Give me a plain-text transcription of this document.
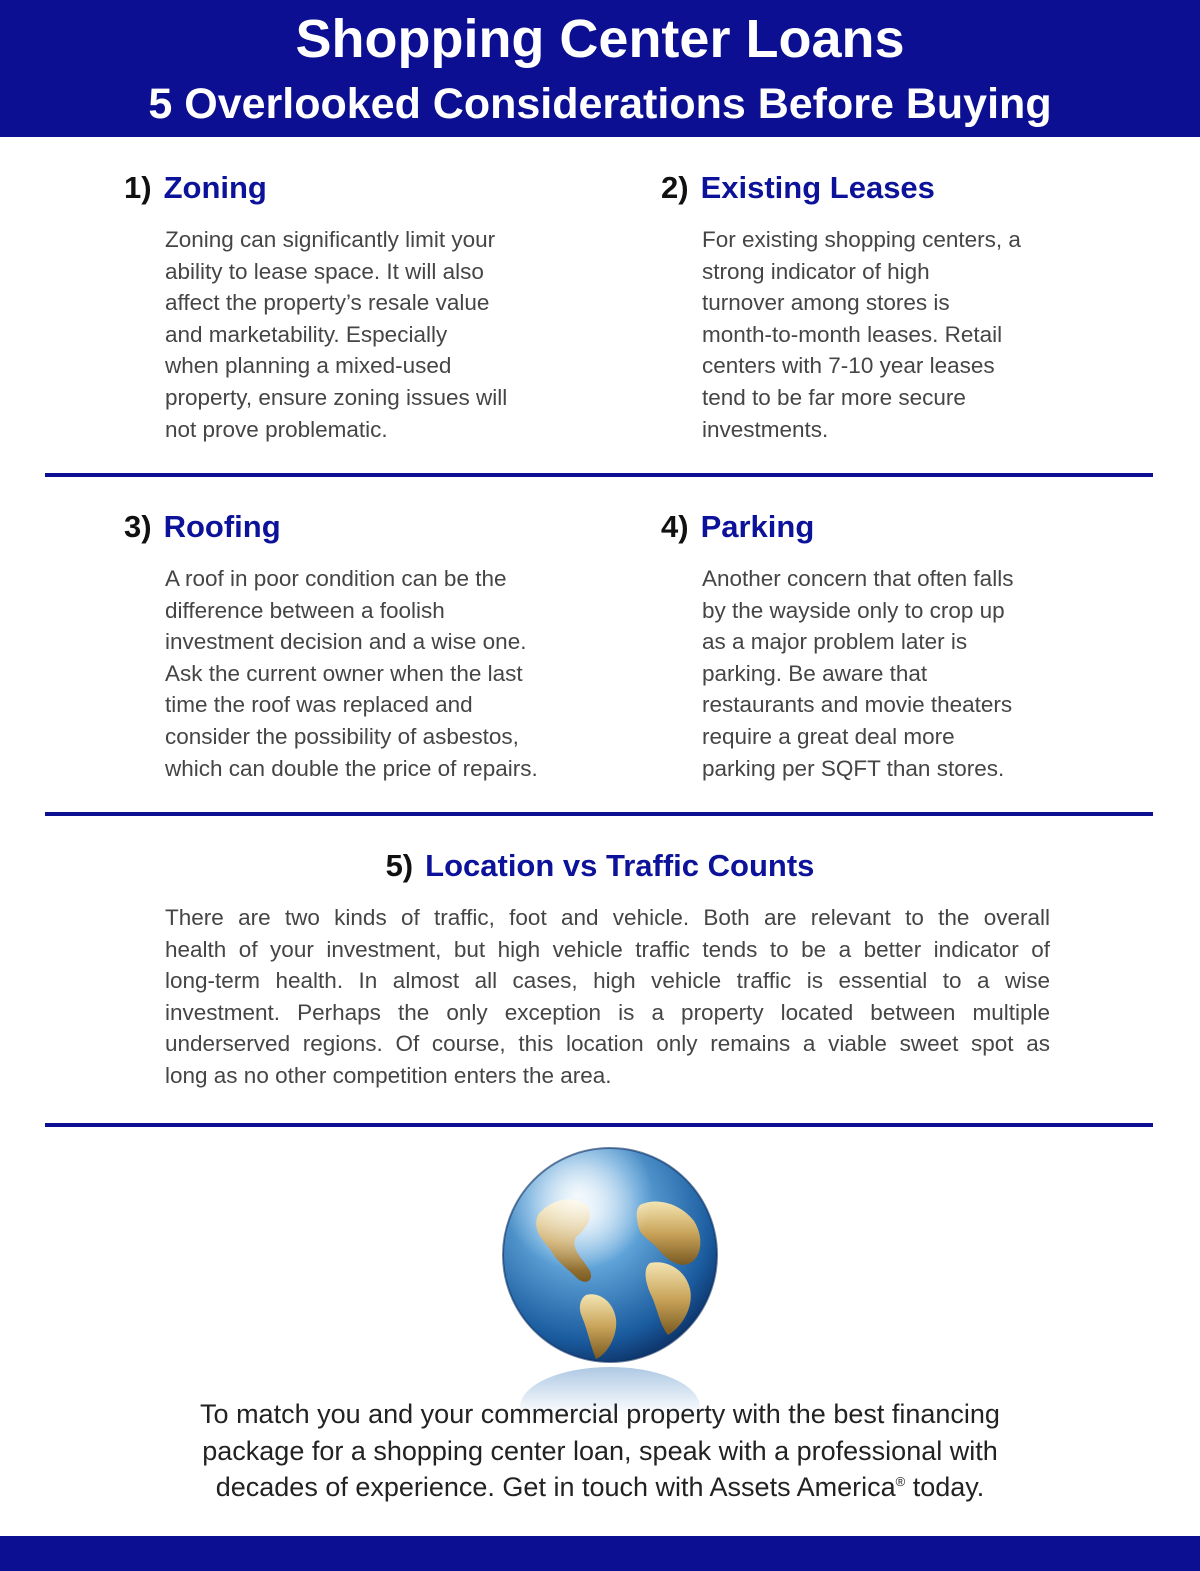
Shopping Center Loans
5 Overlooked Considerations Before Buying
1) Zoning
Zoning can significantly limit your
ability to lease space. It will also
affect the property’s resale value
and marketability. Especially
when planning a mixed-used
property, ensure zoning issues will
not prove problematic.
2) Existing Leases
For existing shopping centers, a
strong indicator of high
turnover among stores is
month-to-month leases. Retail
centers with 7-10 year leases
tend to be far more secure
investments.
3) Roofing
A roof in poor condition can be the
difference between a foolish
investment decision and a wise one.
Ask the current owner when the last
time the roof was replaced and
consider the possibility of asbestos,
which can double the price of repairs.
4) Parking
Another concern that often falls
by the wayside only to crop up
as a major problem later is
parking. Be aware that
restaurants and movie theaters
require a great deal more
parking per SQFT than stores.
5) Location vs Traffic Counts
There are two kinds of traffic, foot and vehicle. Both are relevant to the overall
health of your investment, but high vehicle traffic tends to be a better indicator of
long-term health. In almost all cases, high vehicle traffic is essential to a wise
investment. Perhaps the only exception is a property located between multiple
underserved regions. Of course, this location only remains a viable sweet spot as
long as no other competition enters the area.
To match you and your commercial property with the best financing
package for a shopping center loan, speak with a professional with
decades of experience. Get in touch with Assets America® today.
